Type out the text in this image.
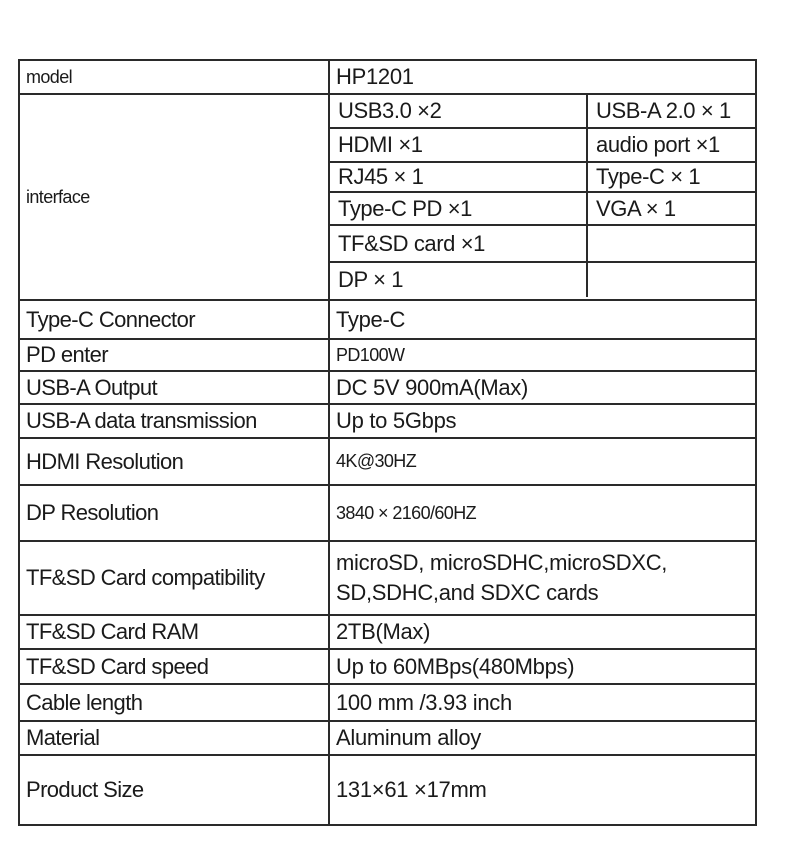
model	HP1201
interface	
USB3.0 ×2	USB-A 2.0 × 1
HDMI ×1	audio port ×1
RJ45 × 1	Type-C × 1
Type-C PD ×1	VGA × 1
TF&SD card ×1	
DP × 1	

Type-C Connector	Type-C
PD enter	PD100W
USB-A Output	DC 5V 900mA(Max)
USB-A data transmission	Up to 5Gbps
HDMI Resolution	4K@30HZ
DP Resolution	3840 × 2160/60HZ
TF&SD Card compatibility	microSD, microSDHC,microSDXC, SD,SDHC,and SDXC cards
TF&SD Card RAM	2TB(Max)
TF&SD Card speed	Up to 60MBps(480Mbps)
Cable length	100 mm /3.93 inch
Material	Aluminum alloy
Product Size	131×61 ×17mm
